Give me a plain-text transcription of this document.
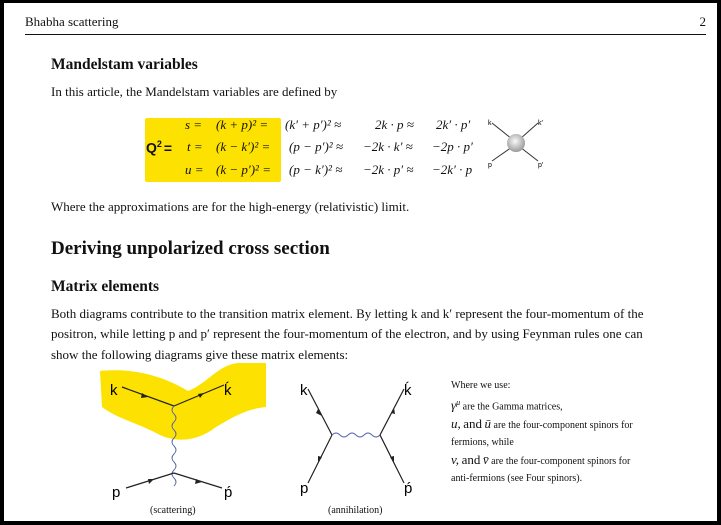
Bhabha scattering	2
Mandelstam variables
In this article, the Mandelstam variables are defined by
$Q^2$ =
s = (k + p)² = (k′ + p′)² ≈	2k · p ≈ 2k′ · p′
t = (k − k′)² = (p − p′)² ≈ −2k · k′ ≈ −2p · p′
u = (k − p′)² = (p − k′)² ≈ −2k · p′ ≈ −2k′ · p
k	k′
p	p′
Where the approximations are for the high-energy (relativistic) limit.
Deriving unpolarized cross section
Matrix elements
Both diagrams contribute to the transition matrix element. By letting k and k′ represent the four-momentum of the
positron, while letting p and p′ represent the four-momentum of the electron, and by using Feynman rules one can
show the following diagrams give these matrix elements:
k	ḱ
p	ṕ
(scattering)
k	ḱ
p	ṕ
(annihilation)
Where we use:
$\gamma^\mu$ are the Gamma matrices,
u, and ū are the four-component spinors for
fermions, while
v, and v̄ are the four-component spinors for
anti-fermions (see Four spinors).
